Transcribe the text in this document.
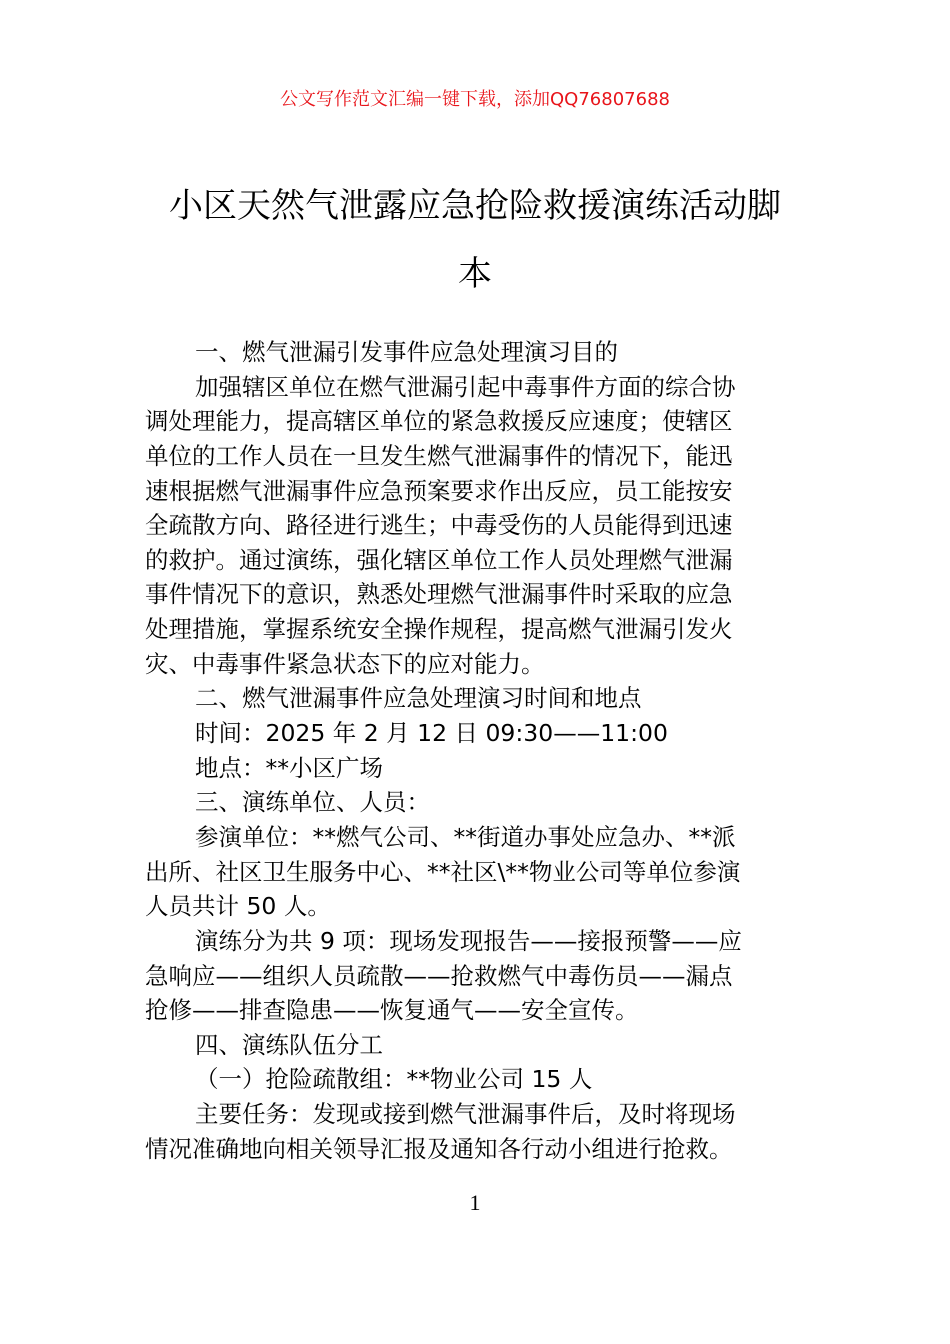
公文写作范文汇编一键下载，添加QQ76807688
小区天然气泄露应急抢险救援演练活动脚
本
一、燃气泄漏引发事件应急处理演习目的
加强辖区单位在燃气泄漏引起中毒事件方面的综合协
调处理能力，提高辖区单位的紧急救援反应速度；使辖区
单位的工作人员在一旦发生燃气泄漏事件的情况下，能迅
速根据燃气泄漏事件应急预案要求作出反应，员工能按安
全疏散方向、路径进行逃生；中毒受伤的人员能得到迅速
的救护。通过演练，强化辖区单位工作人员处理燃气泄漏
事件情况下的意识，熟悉处理燃气泄漏事件时采取的应急
处理措施，掌握系统安全操作规程，提高燃气泄漏引发火
灾、中毒事件紧急状态下的应对能力。
二、燃气泄漏事件应急处理演习时间和地点
时间：2025 年 2 月 12 日 09:30——11:00
地点：**小区广场
三、演练单位、人员：
参演单位：**燃气公司、**街道办事处应急办、**派
出所、社区卫生服务中心、**社区\**物业公司等单位参演
人员共计 50 人。
演练分为共 9 项：现场发现报告——接报预警——应
急响应——组织人员疏散——抢救燃气中毒伤员——漏点
抢修——排查隐患——恢复通气——安全宣传。
四、演练队伍分工
（一）抢险疏散组：**物业公司 15 人
主要任务：发现或接到燃气泄漏事件后，及时将现场
情况准确地向相关领导汇报及通知各行动小组进行抢救。
1
